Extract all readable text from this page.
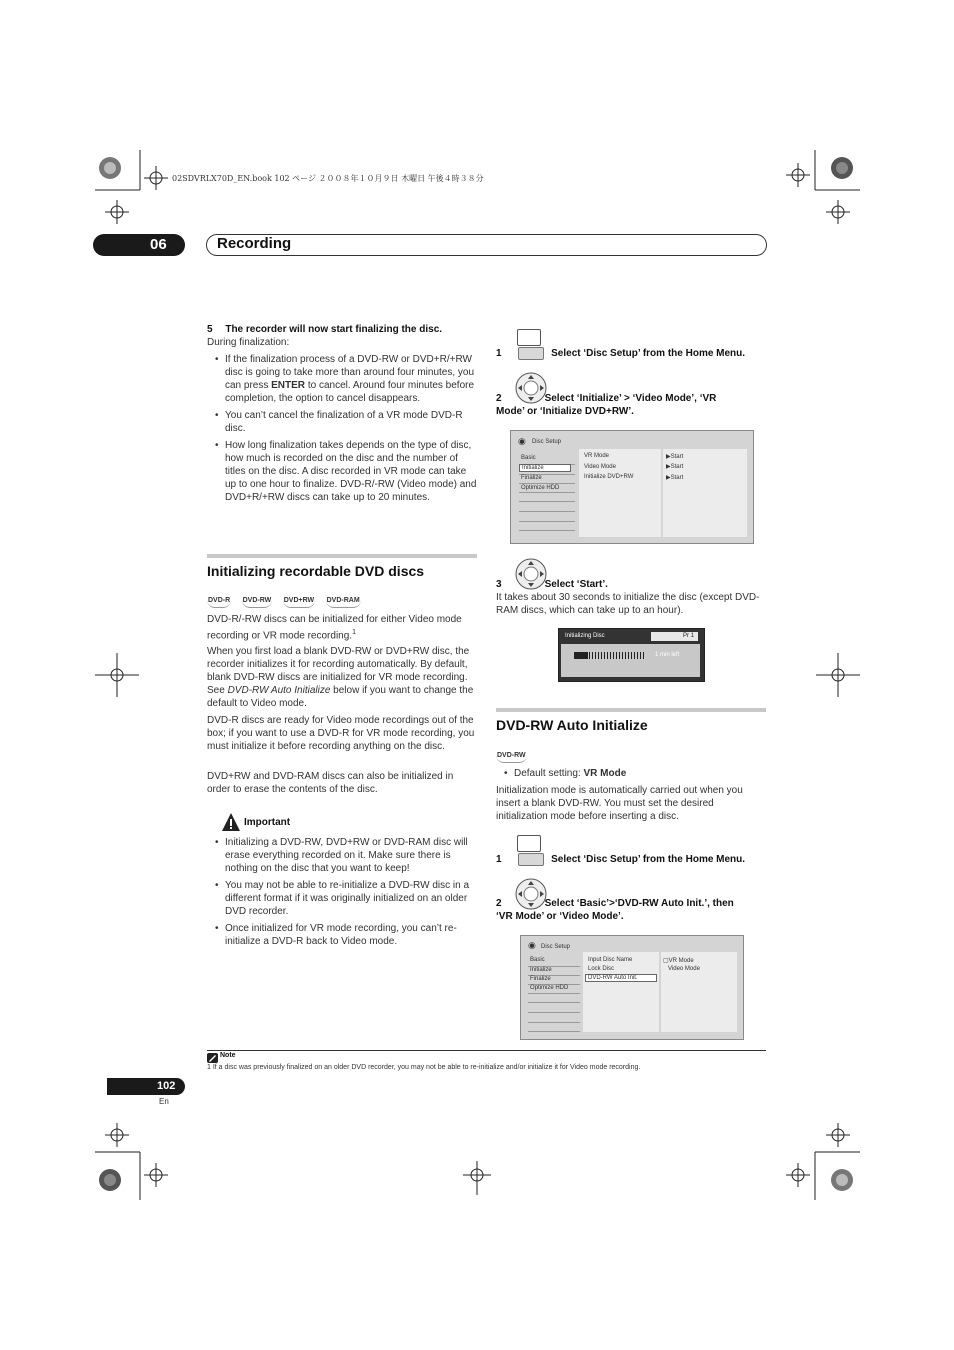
02SDVRLX70D_EN.book 102 ページ ２００８年１０月９日 木曜日 午後４時３８分
06	Recording
5 The recorder will now start finalizing the disc.
During finalization:
• If the finalization process of a DVD-RW or DVD+R/+RW disc is going to take more than around four minutes, you can press ENTER to cancel. Around four minutes before completion, the option to cancel disappears.
• You can’t cancel the finalization of a VR mode DVD-R disc.
• How long finalization takes depends on the type of disc, how much is recorded on the disc and the number of titles on the disc. A disc recorded in VR mode can take up to one hour to finalize. DVD-R/-RW (Video mode) and DVD+R/+RW discs can take up to 20 minutes.
Initializing recordable DVD discs
DVD-R DVD-RW DVD+RW DVD-RAM
DVD-R/-RW discs can be initialized for either Video mode recording or VR mode recording.$^1$
When you first load a blank DVD-RW or DVD+RW disc, the recorder initializes it for recording automatically. By default, blank DVD-RW discs are initialized for VR mode recording. See DVD-RW Auto Initialize below if you want to change the default to Video mode.
DVD-R discs are ready for Video mode recordings out of the box; if you want to use a DVD-R for VR mode recording, you must initialize it before recording anything on the disc.
DVD+RW and DVD-RAM discs can also be initialized in order to erase the contents of the disc.
Important
• Initializing a DVD-RW, DVD+RW or DVD-RAM disc will erase everything recorded on it. Make sure there is nothing on the disc that you want to keep!
• You may not be able to re-initialize a DVD-RW disc in a different format if it was originally initialized on an older DVD recorder.
• Once initialized for VR mode recording, you can’t re-initialize a DVD-R back to Video mode.
1	Select ‘Disc Setup’ from the Home Menu.
2	Select ‘Initialize’ > ‘Video Mode’, ‘VR
Mode’ or ‘Initialize DVD+RW’.
◉ Disc Setup
Basic
Initialize
Finalize
Optimize HDD
VR Mode
Video Mode
Initialize DVD+RW
▶Start
▶Start
▶Start
3	Select ‘Start’.
It takes about 30 seconds to initialize the disc (except DVD-RAM discs, which can take up to an hour).
Initializing Disc	Pr 1
1 min left
DVD-RW Auto Initialize
DVD-RW
• Default setting: VR Mode
Initialization mode is automatically carried out when you insert a blank DVD-RW. You must set the desired initialization mode before inserting a disc.
1	Select ‘Disc Setup’ from the Home Menu.
2	Select ‘Basic’>‘DVD-RW Auto Init.’, then
‘VR Mode’ or ‘Video Mode’.
◉ Disc Setup
Basic
Initialize
Finalize
Optimize HDD
Input Disc Name
Lock Disc
DVD-RW Auto Init.
▢VR Mode
Video Mode
Note
1 If a disc was previously finalized on an older DVD recorder, you may not be able to re-initialize and/or initialize it for Video mode recording.
102
En
